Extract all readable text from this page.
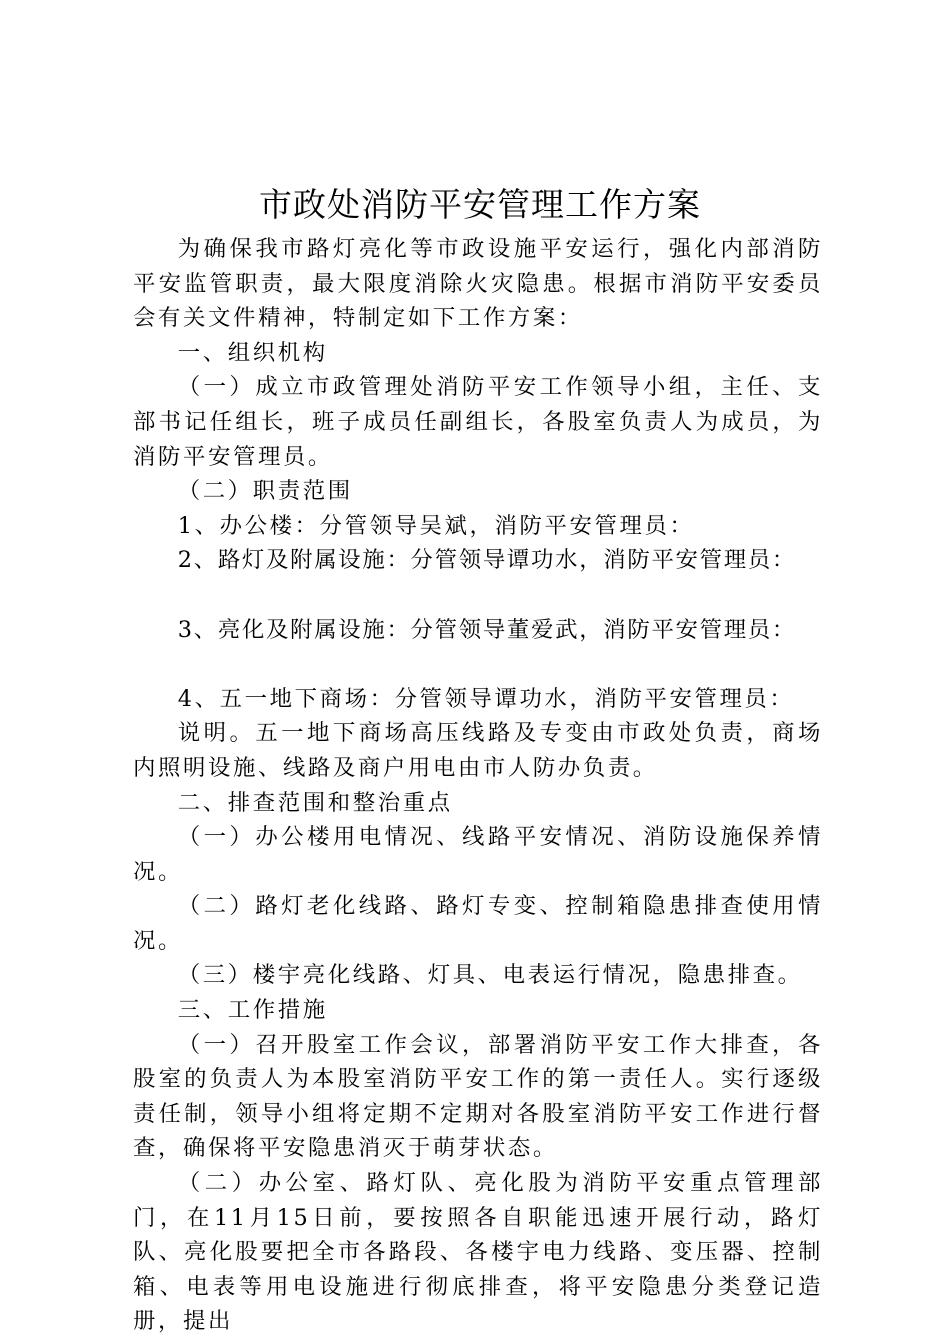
市政处消防平安管理工作方案

为确保我市路灯亮化等市政设施平安运行，强化内部消防平安监管职责，最大限度消除火灾隐患。根据市消防平安委员会有关文件精神，特制定如下工作方案：

一、组织机构

（一）成立市政管理处消防平安工作领导小组，主任、支部书记任组长，班子成员任副组长，各股室负责人为成员，为消防平安管理员。

（二）职责范围

1、办公楼：分管领导吴斌，消防平安管理员：

2、路灯及附属设施：分管领导谭功水，消防平安管理员：

3、亮化及附属设施：分管领导董爱武，消防平安管理员：

4、五一地下商场：分管领导谭功水，消防平安管理员：

说明。五一地下商场高压线路及专变由市政处负责，商场内照明设施、线路及商户用电由市人防办负责。

二、排查范围和整治重点

（一）办公楼用电情况、线路平安情况、消防设施保养情况。

（二）路灯老化线路、路灯专变、控制箱隐患排查使用情况。

（三）楼宇亮化线路、灯具、电表运行情况，隐患排查。

三、工作措施

（一）召开股室工作会议，部署消防平安工作大排查，各股室的负责人为本股室消防平安工作的第一责任人。实行逐级责任制，领导小组将定期不定期对各股室消防平安工作进行督查，确保将平安隐患消灭于萌芽状态。

（二）办公室、路灯队、亮化股为消防平安重点管理部门，在11月15日前，要按照各自职能迅速开展行动，路灯队、亮化股要把全市各路段、各楼宇电力线路、变压器、控制箱、电表等用电设施进行彻底排查，将平安隐患分类登记造册，提出
